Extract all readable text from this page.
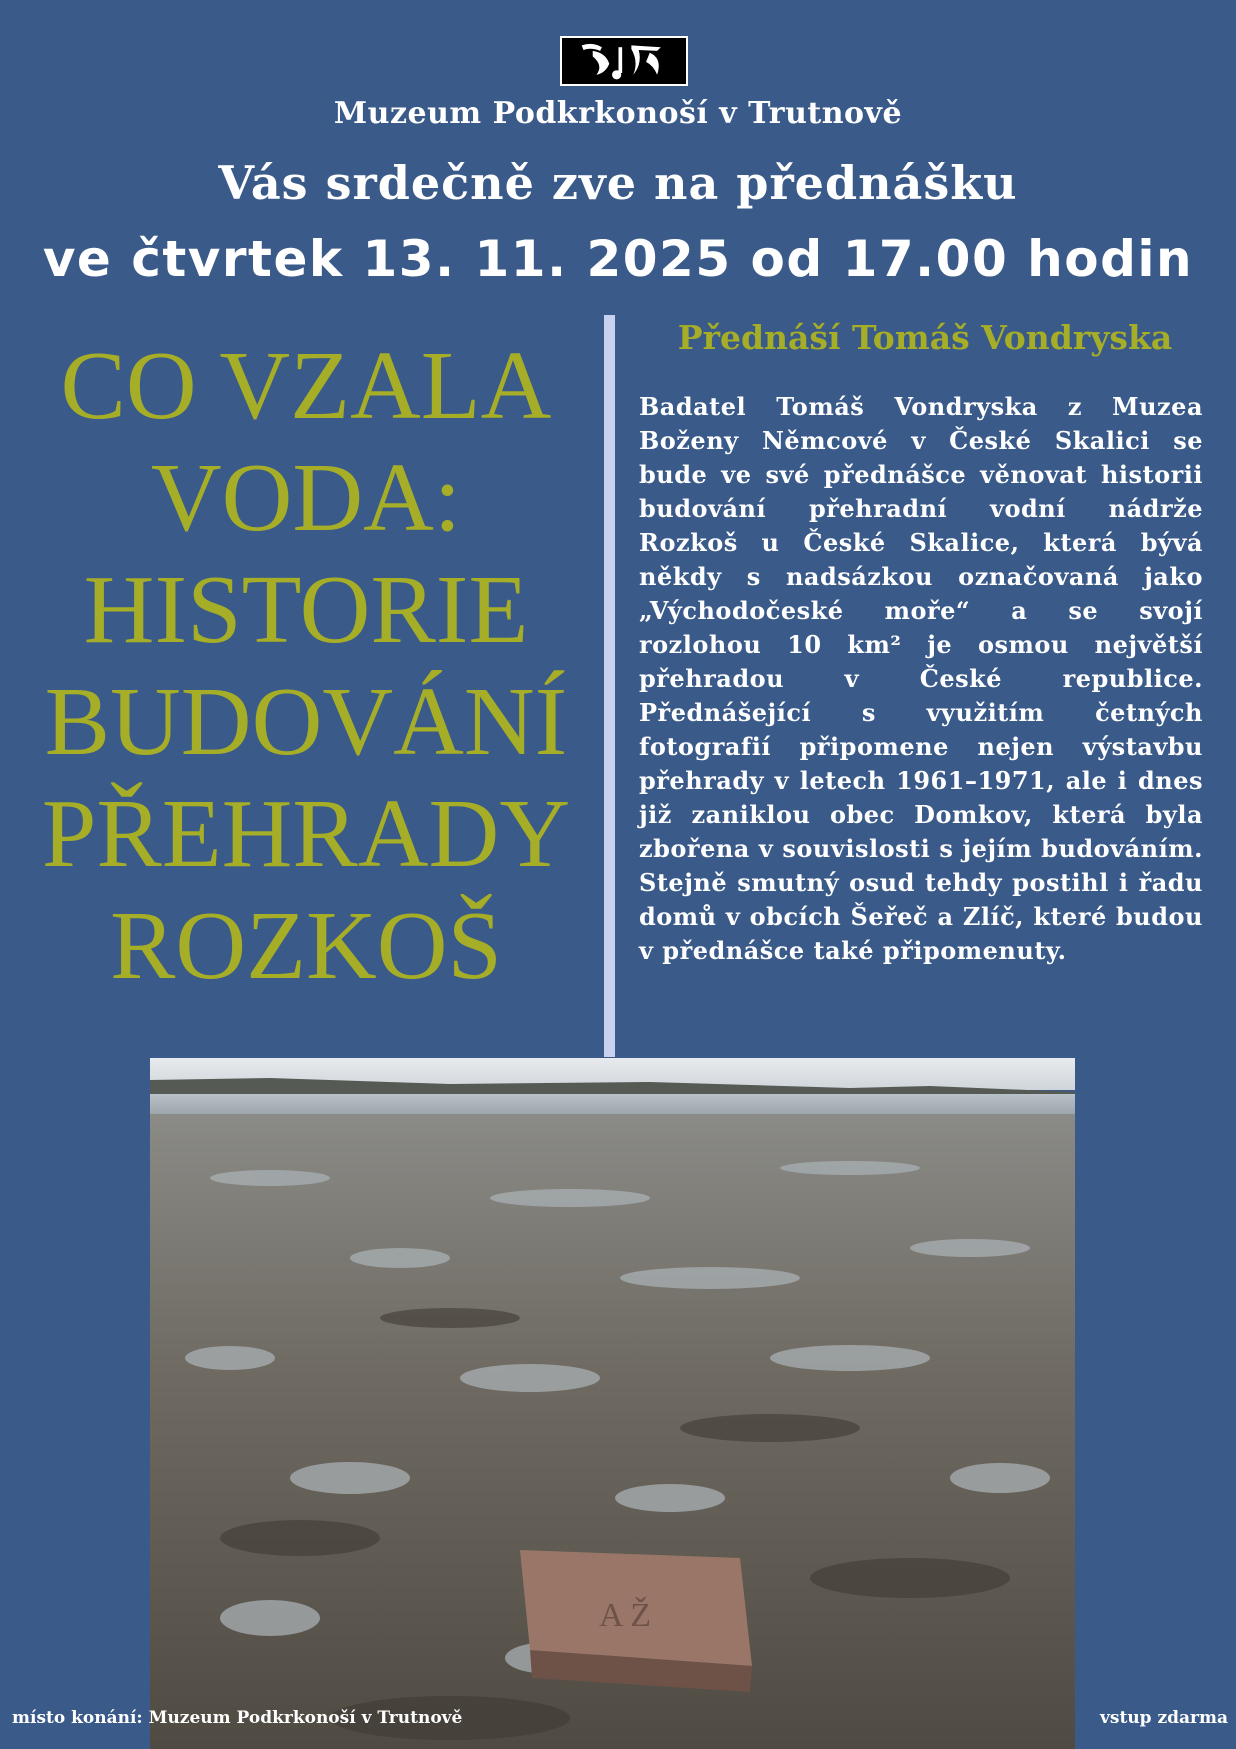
Muzeum Podkrkonoší v Trutnově
Vás srdečně zve na přednášku
ve čtvrtek 13. 11. 2025 od 17.00 hodin
CO VZALA
VODA:
HISTORIE
BUDOVÁNÍ
PŘEHRADY
ROZKOŠ
Přednáší Tomáš Vondryska
Badatel Tomáš Vondryska z Muzea Boženy Němcové v České Skalici se bude ve své přednášce věnovat historii budování přehradní vodní nádrže Rozkoš u České Skalice, která bývá někdy s nadsázkou označovaná jako „Východočeské moře“ a se svojí rozlohou 10 km² je osmou největší přehradou v České republice. Přednášející s využitím četných fotografií připomene nejen výstavbu přehrady v letech 1961–1971, ale i dnes již zaniklou obec Domkov, která byla zbořena v souvislosti s jejím budováním. Stejně smutný osud tehdy postihl i řadu domů v obcích Šeřeč a Zlíč, které budou v přednášce také připomenuty.
A Ž
místo konání: Muzeum Podkrkonoší v Trutnově	vstup zdarma
